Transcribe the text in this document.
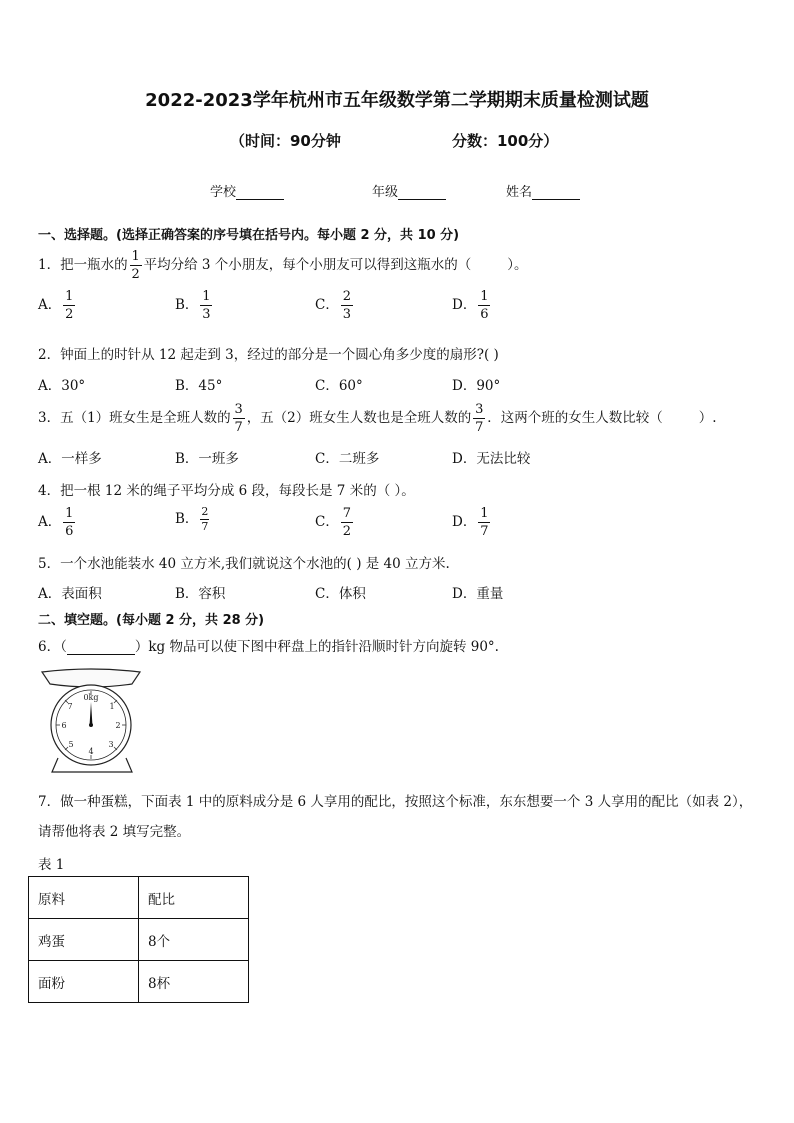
2022-2023学年杭州市五年级数学第二学期期末质量检测试题
（时间：90分钟	分数：100分）
学校	年级	姓名
一、选择题。(选择正确答案的序号填在括号内。每小题 2 分，共 10 分)
1．把一瓶水的 $\frac{1}{2}$ 平均分给 3 个小朋友，每个小朋友可以得到这瓶水的（	）。
A． $\frac{1}{2}$	B． $\frac{1}{3}$	C． $\frac{2}{3}$	D． $\frac{1}{6}$
2．钟面上的时针从 12 起走到 3，经过的部分是一个圆心角多少度的扇形?( )
A．30°	B．45°	C．60°	D．90°
3．五（1）班女生是全班人数的 $\frac{3}{7}$ ，五（2）班女生人数也是全班人数的 $\frac{3}{7}$ ．这两个班的女生人数比较（	）.
A．一样多	B．一班多	C．二班多	D．无法比较
4．把一根 12 米的绳子平均分成 6 段，每段长是 7 米的（ ）。
A． $\frac{1}{6}$	B． $\frac{2}{7}$	C． $\frac{7}{2}$	D． $\frac{1}{7}$
5．一个水池能装水 40 立方米,我们就说这个水池的( ) 是 40 立方米.
A．表面积	B．容积	C．体积	D．重量
二、填空题。(每小题 2 分，共 28 分)
6．（	）kg 物品可以使下图中秤盘上的指针沿顺时针方向旋转 90°.
0kg
1
2
3
4
5
6
7
7．做一种蛋糕，下面表 1 中的原料成分是 6 人享用的配比，按照这个标准，东东想要一个 3 人享用的配比（如表 2），
请帮他将表 2 填写完整。
表 1
原料	配比
鸡蛋	8个
面粉	8杯
